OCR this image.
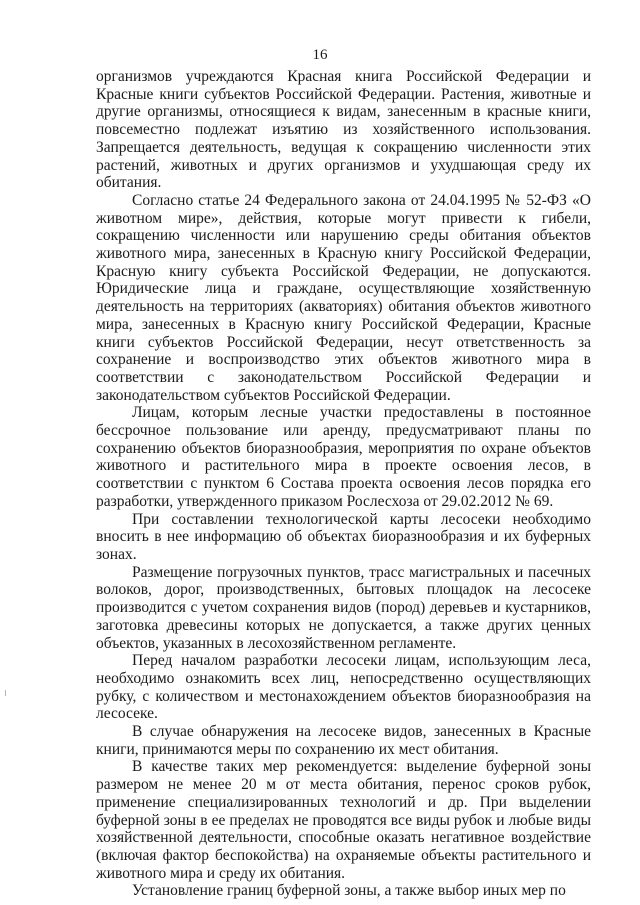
16

организмов учреждаются Красная книга Российской Федерации и Красные книги субъектов Российской Федерации. Растения, животные и другие организмы, относящиеся к видам, занесенным в красные книги, повсеместно подлежат изъятию из хозяйственного использования. Запрещается деятельность, ведущая к сокращению численности этих растений, животных и других организмов и ухудшающая среду их обитания.

Согласно статье 24 Федерального закона от 24.04.1995 № 52-ФЗ «О животном мире», действия, которые могут привести к гибели, сокращению численности или нарушению среды обитания объектов животного мира, занесенных в Красную книгу Российской Федерации, Красную книгу субъекта Российской Федерации, не допускаются. Юридические лица и граждане, осуществляющие хозяйственную деятельность на территориях (акваториях) обитания объектов животного мира, занесенных в Красную книгу Российской Федерации, Красные книги субъектов Российской Федерации, несут ответственность за сохранение и воспроизводство этих объектов животного мира в соответствии с законодательством Российской Федерации и законодательством субъектов Российской Федерации.

Лицам, которым лесные участки предоставлены в постоянное бессрочное пользование или аренду, предусматривают планы по сохранению объектов биоразнообразия, мероприятия по охране объектов животного и растительного мира в проекте освоения лесов, в соответствии с пунктом 6 Состава проекта освоения лесов порядка его разработки, утвержденного приказом Рослесхоза от 29.02.2012 № 69.

При составлении технологической карты лесосеки необходимо вносить в нее информацию об объектах биоразнообразия и их буферных зонах.

Размещение погрузочных пунктов, трасс магистральных и пасечных волоков, дорог, производственных, бытовых площадок на лесосеке производится с учетом сохранения видов (пород) деревьев и кустарников, заготовка древесины которых не допускается, а также других ценных объектов, указанных в лесохозяйственном регламенте.

Перед началом разработки лесосеки лицам, использующим леса, необходимо ознакомить всех лиц, непосредственно осуществляющих рубку, с количеством и местонахождением объектов биоразнообразия на лесосеке.

В случае обнаружения на лесосеке видов, занесенных в Красные книги, принимаются меры по сохранению их мест обитания.

В качестве таких мер рекомендуется: выделение буферной зоны размером не менее 20 м от места обитания, перенос сроков рубок, применение специализированных технологий и др. При выделении буферной зоны в ее пределах не проводятся все виды рубок и любые виды хозяйственной деятельности, способные оказать негативное воздействие (включая фактор беспокойства) на охраняемые объекты растительного и животного мира и среду их обитания.

Установление границ буферной зоны, а также выбор иных мер по
